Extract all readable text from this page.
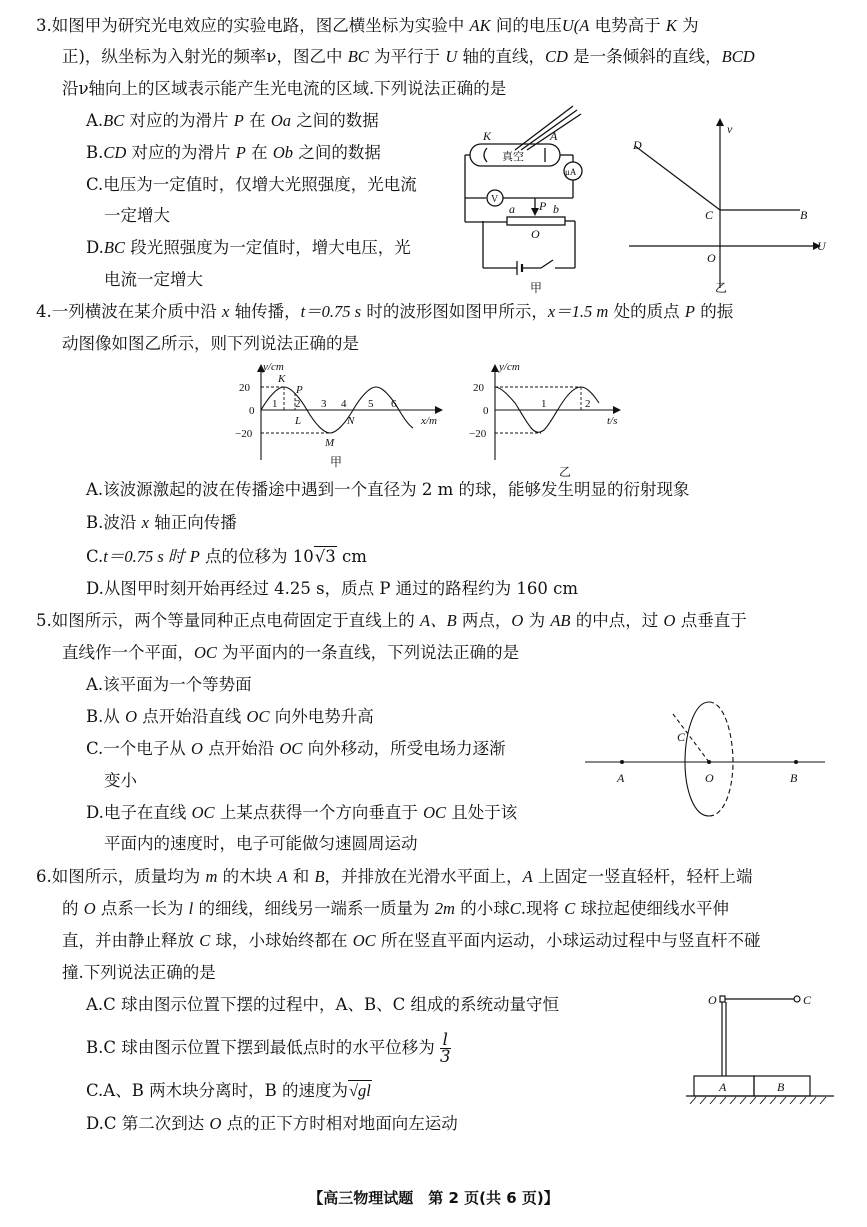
3.如图甲为研究光电效应的实验电路，图乙横坐标为实验中 AK 间的电压U(A 电势高于 K 为
正)，纵坐标为入射光的频率ν，图乙中 BC 为平行于 U 轴的直线，CD 是一条倾斜的直线，BCD
沿ν轴向上的区域表示能产生光电流的区域.下列说法正确的是
A.BC 对应的为滑片 P 在 Oa 之间的数据
B.CD 对应的为滑片 P 在 Ob 之间的数据
C.电压为一定值时，仅增大光照强度，光电流
一定增大
D.BC 段光照强度为一定值时，增大电压，光
电流一定增大
K	A
a P b
O
真空
μA
V
甲
D
C	B
O
U
ν
乙
4.一列横波在某介质中沿 x 轴传播，t＝0.75 s 时的波形图如图甲所示，x＝1.5 m 处的质点 P 的振
动图像如图乙所示，则下列说法正确的是
y/cm
20
0
−20
x/m
1 2 3 4 5 6
K
P
L
M
N
甲
y/cm
20
0
−20
t/s
1	2
乙
A.该波源激起的波在传播途中遇到一个直径为 2 m 的球，能够发生明显的衍射现象
B.波沿 x 轴正向传播
C.t＝0.75 s 时 P 点的位移为 10√3 cm
D.从图甲时刻开始再经过 4.25 s，质点 P 通过的路程约为 160 cm
5.如图所示，两个等量同种正点电荷固定于直线上的 A、B 两点，O 为 AB 的中点，过 O 点垂直于
直线作一个平面，OC 为平面内的一条直线，下列说法正确的是
A.该平面为一个等势面
B.从 O 点开始沿直线 OC 向外电势升高
C.一个电子从 O 点开始沿 OC 向外移动，所受电场力逐渐
变小
D.电子在直线 OC 上某点获得一个方向垂直于 OC 且处于该
平面内的速度时，电子可能做匀速圆周运动
A	O	B
C
6.如图所示，质量均为 m 的木块 A 和 B，并排放在光滑水平面上，A 上固定一竖直轻杆，轻杆上端
的 O 点系一长为 l 的细线，细线另一端系一质量为 2m 的小球C.现将 C 球拉起使细线水平伸
直，并由静止释放 C 球，小球始终都在 OC 所在竖直平面内运动，小球运动过程中与竖直杆不碰
撞.下列说法正确的是
A.C 球由图示位置下摆的过程中，A、B、C 组成的系统动量守恒
B.C 球由图示位置下摆到最低点时的水平位移为 $\frac{l}{3}$
C.A、B 两木块分离时，B 的速度为√gl
D.C 第二次到达 O 点的正下方时相对地面向左运动
O	C
A	B
【高三物理试题　第 2 页(共 6 页)】
